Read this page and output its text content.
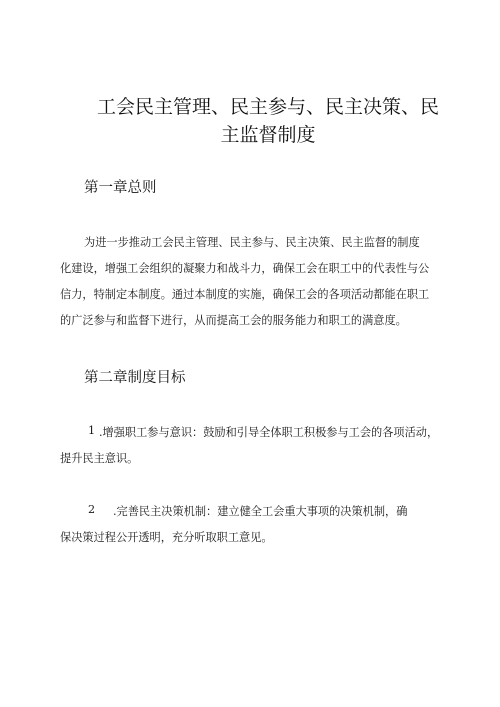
工会民主管理、民主参与、民主决策、民
主监督制度
第一章总则
为进一步推动工会民主管理、民主参与、民主决策、民主监督的制度
化建设，增强工会组织的凝聚力和战斗力，确保工会在职工中的代表性与公
信力，特制定本制度。通过本制度的实施，确保工会的各项活动都能在职工
的广泛参与和监督下进行，从而提高工会的服务能力和职工的满意度。
第二章制度目标
1 .增强职工参与意识：鼓励和引导全体职工积极参与工会的各项活动，
提升民主意识。
2 .完善民主决策机制：建立健全工会重大事项的决策机制，确
保决策过程公开透明，充分听取职工意见。
